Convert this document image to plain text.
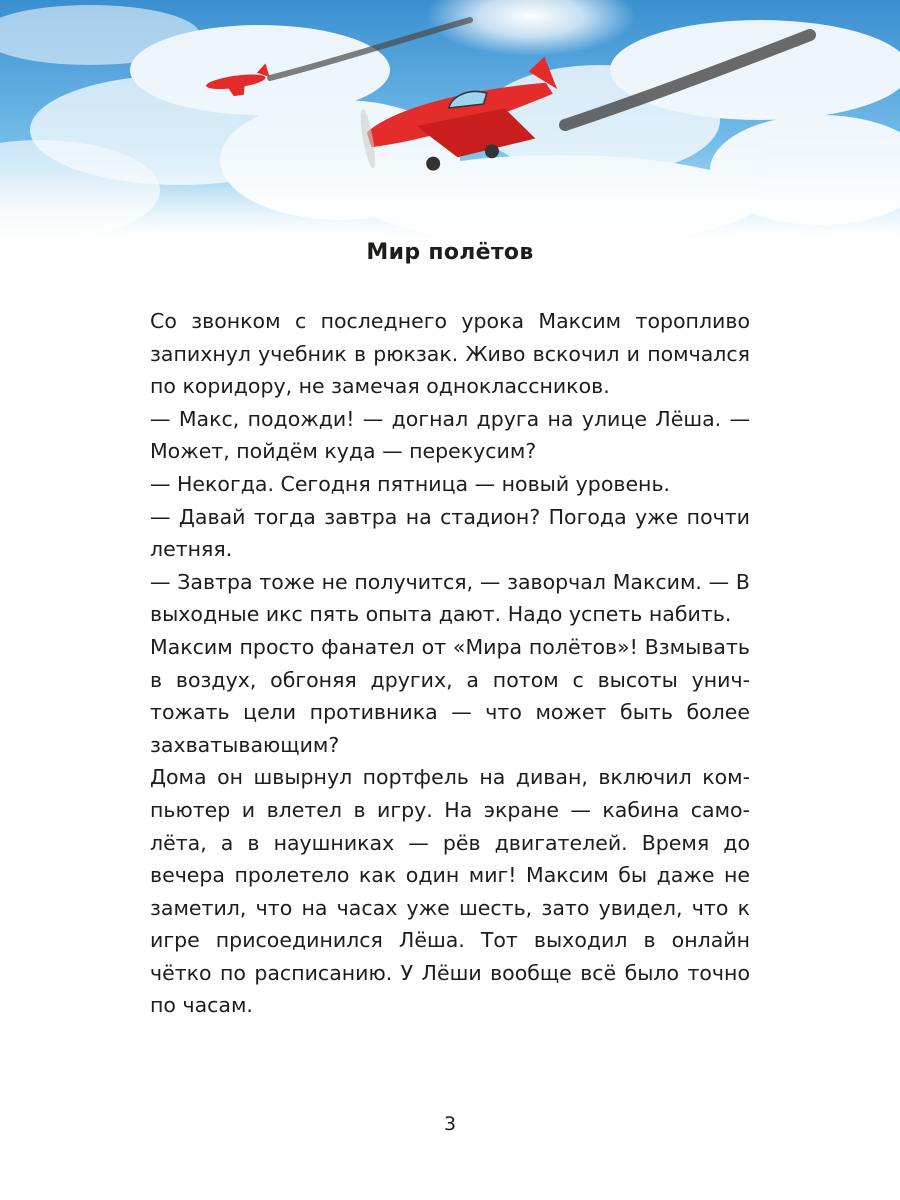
Мир полётов

Со звонком с последнего урока Максим торопливо запихнул учебник в рюкзак. Живо вскочил и помчался по коридору, не замечая одноклассников.

— Макс, подожди! — догнал друга на улице Лёша. — Может, пойдём куда — перекусим?

— Некогда. Сегодня пятница — новый уровень.

— Давай тогда завтра на стадион? Погода уже почти летняя.

— Завтра тоже не получится, — заворчал Максим. — В выходные икс пять опыта дают. Надо успеть набить.

Максим просто фанател от «Мира полётов»! Взмывать в воздух, обгоняя других, а потом с высоты уничтожать цели противника — что может быть более захватывающим?

Дома он швырнул портфель на диван, включил компьютер и влетел в игру. На экране — кабина самолёта, а в наушниках — рёв двигателей. Время до вечера пролетело как один миг! Максим бы даже не заметил, что на часах уже шесть, зато увидел, что к игре присоединился Лёша. Тот выходил в онлайн чётко по расписанию. У Лёши вообще всё было точно по часам.

3
